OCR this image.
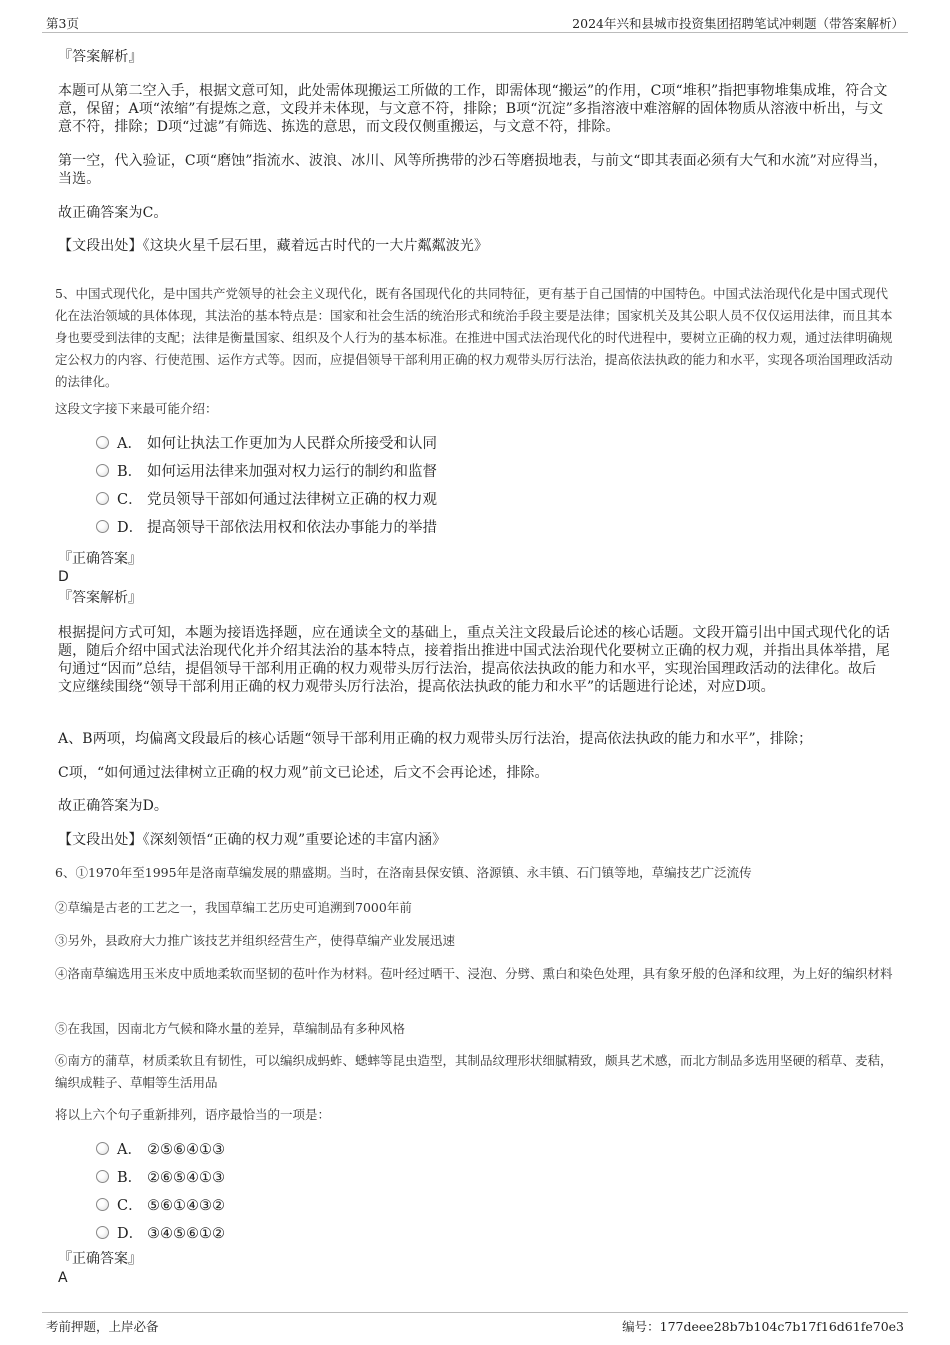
第3页	2024年兴和县城市投资集团招聘笔试冲刺题（带答案解析）
『答案解析』
本题可从第二空入手，根据文意可知，此处需体现搬运工所做的工作，即需体现“搬运”的作用，C项“堆积”指把事物堆集成堆，符合文意，保留；A项“浓缩”有提炼之意，文段并未体现，与文意不符，排除；B项“沉淀”多指溶液中难溶解的固体物质从溶液中析出，与文意不符，排除；D项“过滤”有筛选、拣选的意思，而文段仅侧重搬运，与文意不符，排除。
第一空，代入验证，C项“磨蚀”指流水、波浪、冰川、风等所携带的沙石等磨损地表，与前文“即其表面必须有大气和水流”对应得当，当选。
故正确答案为C。
【文段出处】《这块火星千层石里，藏着远古时代的一大片粼粼波光》
5、中国式现代化，是中国共产党领导的社会主义现代化，既有各国现代化的共同特征，更有基于自己国情的中国特色。中国式法治现代化是中国式现代化在法治领域的具体体现，其法治的基本特点是：国家和社会生活的统治形式和统治手段主要是法律；国家机关及其公职人员不仅仅运用法律，而且其本身也要受到法律的支配；法律是衡量国家、组织及个人行为的基本标准。在推进中国式法治现代化的时代进程中，要树立正确的权力观，通过法律明确规定公权力的内容、行使范围、运作方式等。因而，应提倡领导干部利用正确的权力观带头厉行法治，提高依法执政的能力和水平，实现各项治国理政活动的法律化。
这段文字接下来最可能介绍：
A． 如何让执法工作更加为人民群众所接受和认同
B． 如何运用法律来加强对权力运行的制约和监督
C． 党员领导干部如何通过法律树立正确的权力观
D． 提高领导干部依法用权和依法办事能力的举措
『正确答案』
D
『答案解析』
根据提问方式可知，本题为接语选择题，应在通读全文的基础上，重点关注文段最后论述的核心话题。文段开篇引出中国式现代化的话题，随后介绍中国式法治现代化并介绍其法治的基本特点，接着指出推进中国式法治现代化要树立正确的权力观，并指出具体举措，尾句通过“因而”总结，提倡领导干部利用正确的权力观带头厉行法治，提高依法执政的能力和水平，实现治国理政活动的法律化。故后文应继续围绕“领导干部利用正确的权力观带头厉行法治，提高依法执政的能力和水平”的话题进行论述，对应D项。
A、B两项，均偏离文段最后的核心话题“领导干部利用正确的权力观带头厉行法治，提高依法执政的能力和水平”，排除；
C项，“如何通过法律树立正确的权力观”前文已论述，后文不会再论述，排除。
故正确答案为D。
【文段出处】《深刻领悟“正确的权力观”重要论述的丰富内涵》
6、①1970年至1995年是洛南草编发展的鼎盛期。当时，在洛南县保安镇、洛源镇、永丰镇、石门镇等地，草编技艺广泛流传
②草编是古老的工艺之一，我国草编工艺历史可追溯到7000年前
③另外，县政府大力推广该技艺并组织经营生产，使得草编产业发展迅速
④洛南草编选用玉米皮中质地柔软而坚韧的苞叶作为材料。苞叶经过晒干、浸泡、分劈、熏白和染色处理，具有象牙般的色泽和纹理，为上好的编织材料
⑤在我国，因南北方气候和降水量的差异，草编制品有多种风格
⑥南方的蒲草，材质柔软且有韧性，可以编织成蚂蚱、蟋蟀等昆虫造型，其制品纹理形状细腻精致，颇具艺术感，而北方制品多选用坚硬的稻草、麦秸，编织成鞋子、草帽等生活用品
将以上六个句子重新排列，语序最恰当的一项是：
A． ②⑤⑥④①③
B． ②⑥⑤④①③
C． ⑤⑥①④③②
D． ③④⑤⑥①②
『正确答案』
A
考前押题，上岸必备	编号：177deee28b7b104c7b17f16d61fe70e3
